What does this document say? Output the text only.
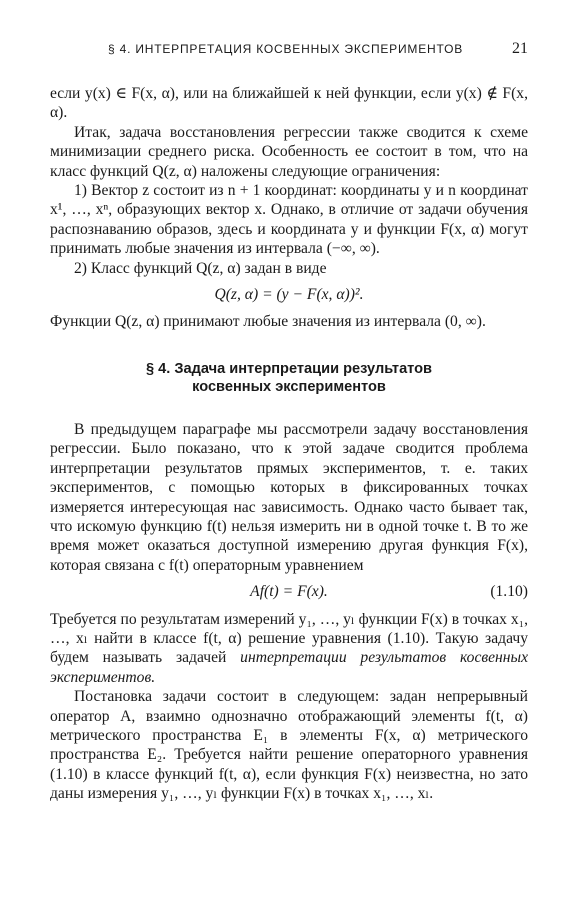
§ 4. ИНТЕРПРЕТАЦИЯ КОСВЕННЫХ ЭКСПЕРИМЕНТОВ	21

если y(x) ∈ F(x, α), или на ближайшей к ней функции, если y(x) ∉ F(x, α).

Итак, задача восстановления регрессии также сводится к схеме минимизации среднего риска. Особенность ее состоит в том, что на класс функций Q(z, α) наложены следующие ограничения:

1) Вектор z состоит из n + 1 координат: координаты y и n координат x¹, …, xⁿ, образующих вектор x. Однако, в отличие от задачи обучения распознаванию образов, здесь и координата y и функции F(x, α) могут принимать любые значения из интервала (−∞, ∞).

2) Класс функций Q(z, α) задан в виде

Q(z, α) = (y − F(x, α))².

Функции Q(z, α) принимают любые значения из интервала (0, ∞).

§ 4. Задача интерпретации результатов
косвенных экспериментов

В предыдущем параграфе мы рассмотрели задачу восстановления регрессии. Было показано, что к этой задаче сводится проблема интерпретации результатов прямых экспериментов, т. е. таких экспериментов, с помощью которых в фиксированных точках измеряется интересующая нас зависимость. Однако часто бывает так, что искомую функцию f(t) нельзя измерить ни в одной точке t. В то же время может оказаться доступной измерению другая функция F(x), которая связана с f(t) операторным уравнением

Af(t) = F(x).	(1.10)

Требуется по результатам измерений y₁, …, yₗ функции F(x) в точках x₁, …, xₗ найти в классе f(t, α) решение уравнения (1.10). Такую задачу будем называть задачей интерпретации результатов косвенных экспериментов.

Постановка задачи состоит в следующем: задан непрерывный оператор A, взаимно однозначно отображающий элементы f(t, α) метрического пространства E₁ в элементы F(x, α) метрического пространства E₂. Требуется найти решение операторного уравнения (1.10) в классе функций f(t, α), если функция F(x) неизвестна, но зато даны измерения y₁, …, yₗ функции F(x) в точках x₁, …, xₗ.
